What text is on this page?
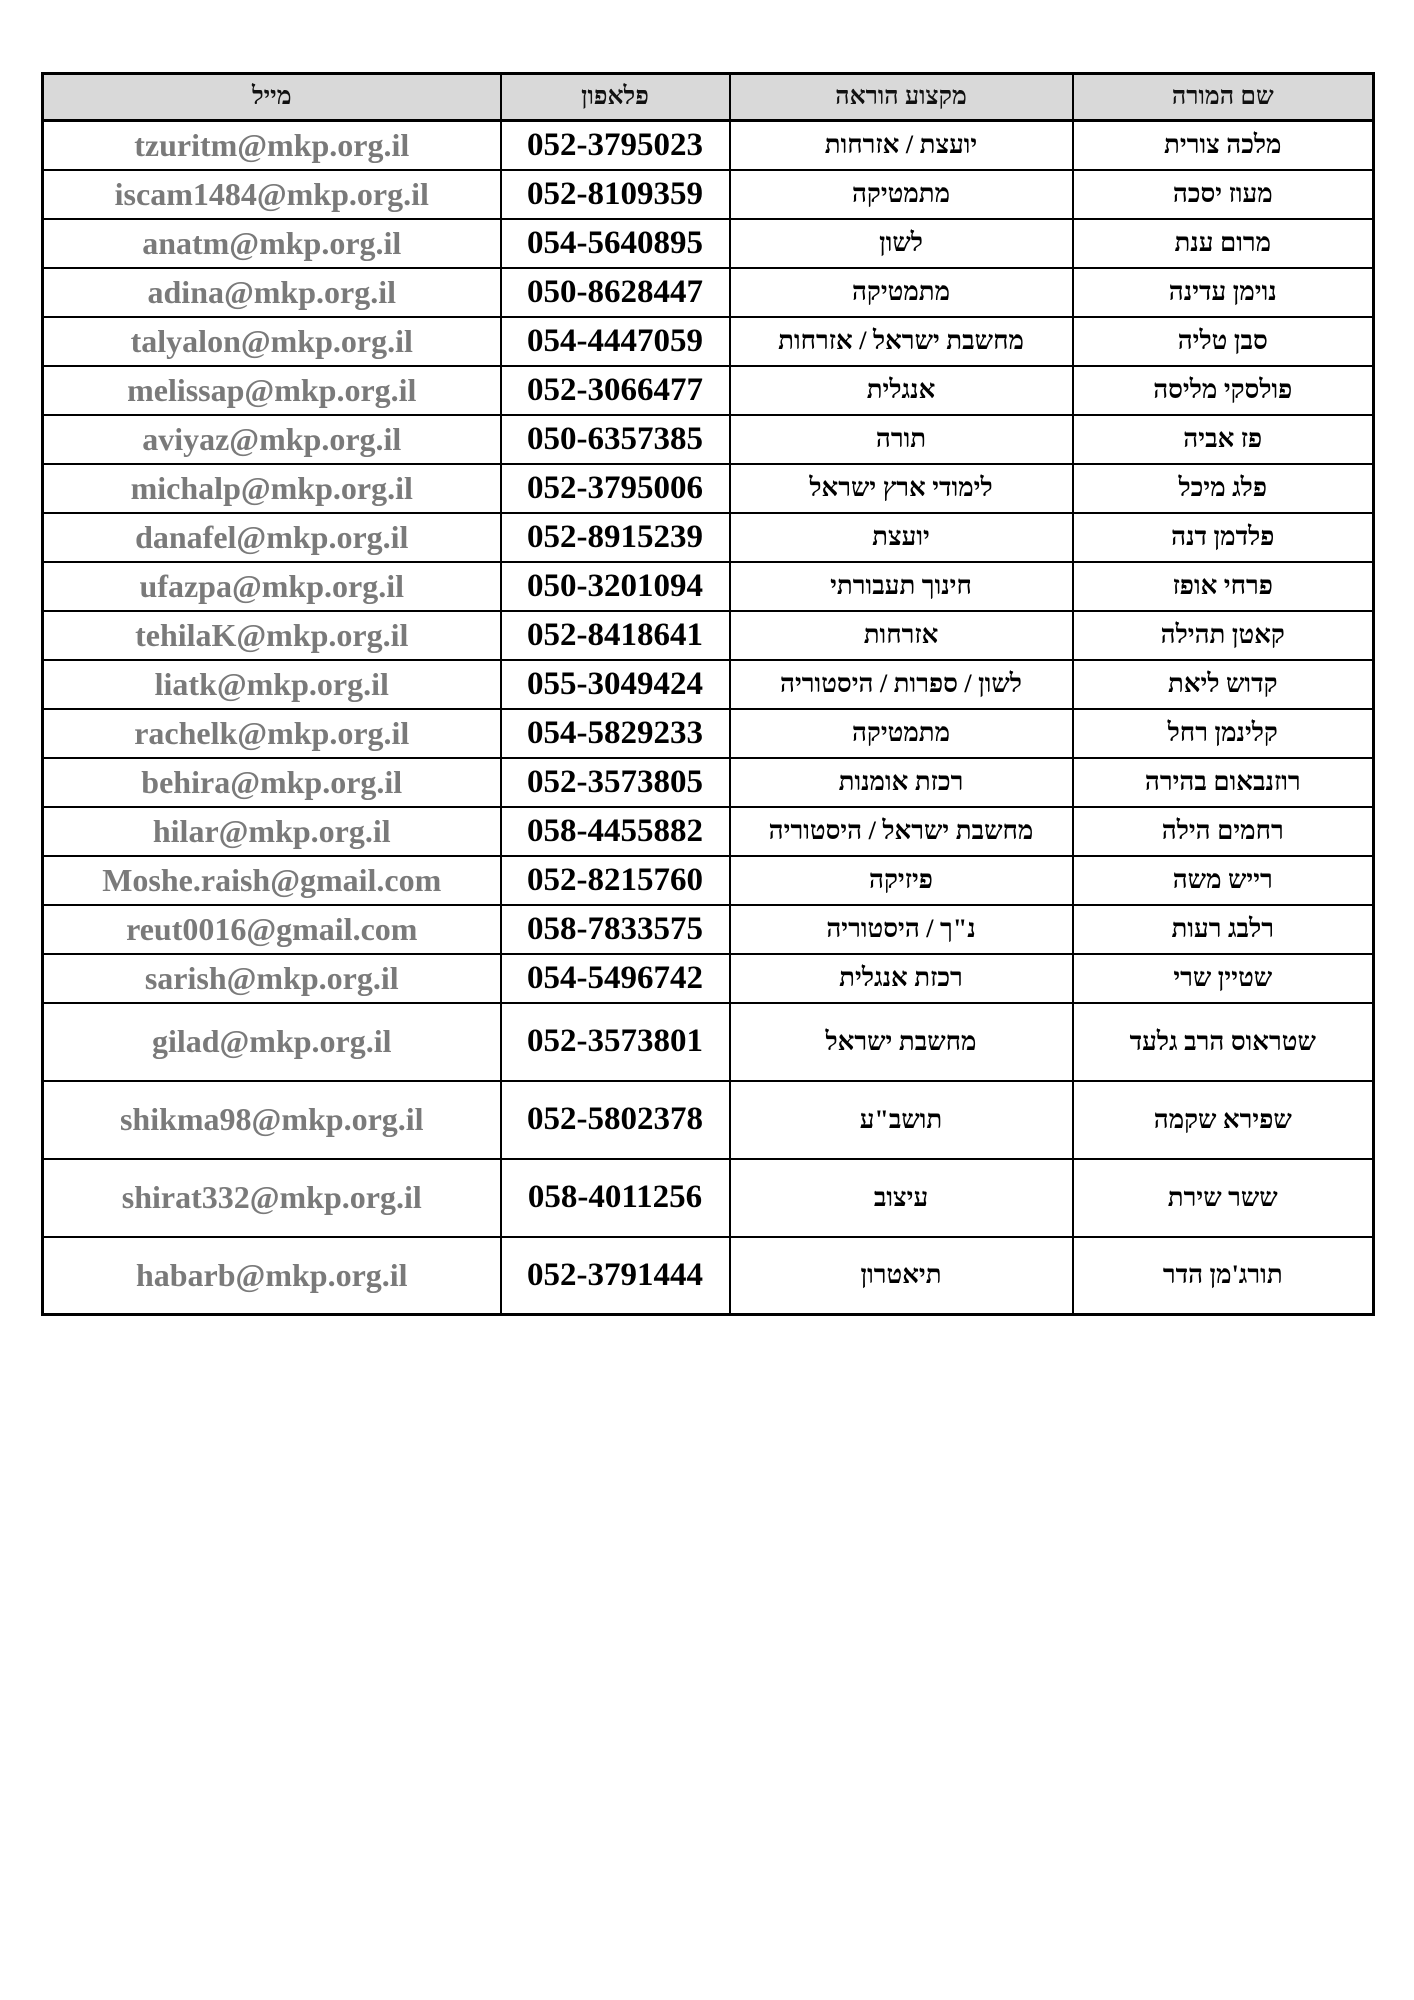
מייל	פלאפון	מקצוע הוראה	שם המורה
tzuritm@mkp.org.il	052-3795023	יועצת / אזרחות	מלכה צורית
iscam1484@mkp.org.il	052-8109359	מתמטיקה	מעוז יסכה
anatm@mkp.org.il	054-5640895	לשון	מרום ענת
adina@mkp.org.il	050-8628447	מתמטיקה	נוימן עדינה
talyalon@mkp.org.il	054-4447059	מחשבת ישראל / אזרחות	סבן טליה
melissap@mkp.org.il	052-3066477	אנגלית	פולסקי מליסה
aviyaz@mkp.org.il	050-6357385	תורה	פז אביה
michalp@mkp.org.il	052-3795006	לימודי ארץ ישראל	פלג מיכל
danafel@mkp.org.il	052-8915239	יועצת	פלדמן דנה
ufazpa@mkp.org.il	050-3201094	חינוך תעבורתי	פרחי אופז
tehilaK@mkp.org.il	052-8418641	אזרחות	קאטן תהילה
liatk@mkp.org.il	055-3049424	לשון / ספרות / היסטוריה	קדוש ליאת
rachelk@mkp.org.il	054-5829233	מתמטיקה	קלינמן רחל
behira@mkp.org.il	052-3573805	רכזת אומנות	רוזנבאום בהירה
hilar@mkp.org.il	058-4455882	מחשבת ישראל / היסטוריה	רחמים הילה
Moshe.raish@gmail.com	052-8215760	פיזיקה	רייש משה
reut0016@gmail.com	058-7833575	נ"ך / היסטוריה	רלבג רעות
sarish@mkp.org.il	054-5496742	רכזת אנגלית	שטיין שרי
gilad@mkp.org.il	052-3573801	מחשבת ישראל	שטראוס הרב גלעד
shikma98@mkp.org.il	052-5802378	תושב"ע	שפירא שקמה
shirat332@mkp.org.il	058-4011256	עיצוב	ששר שירת
habarb@mkp.org.il	052-3791444	תיאטרון	תורג'מן הדר
